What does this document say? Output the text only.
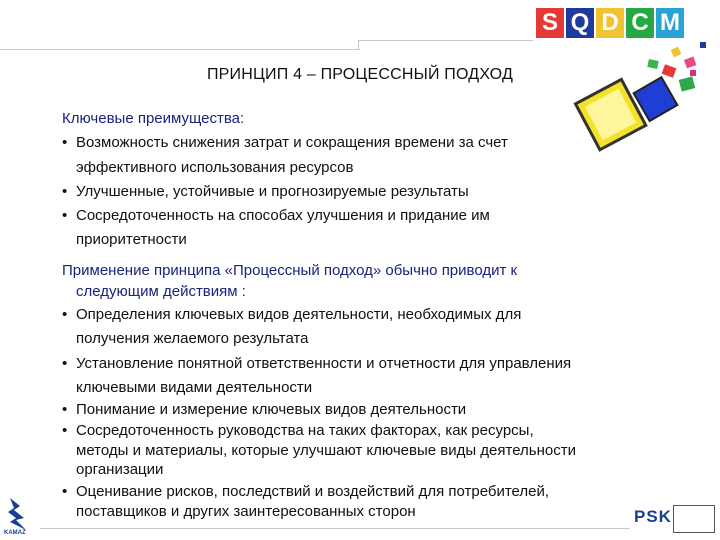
S Q D C M
ПРИНЦИП 4 – ПРОЦЕССНЫЙ ПОДХОД
Ключевые преимущества:
• Возможность снижения затрат и сокращения времени за счет
эффективного использования ресурсов
• Улучшенные, устойчивые и прогнозируемые результаты
• Сосредоточенность на способах улучшения и придание им
приоритетности
Применение принципа «Процессный подход» обычно приводит к
следующим действиям :
• Определения ключевых видов деятельности, необходимых для
получения желаемого результата
• Установление понятной ответственности и отчетности для управления
ключевыми видами деятельности
• Понимание и измерение ключевых видов деятельности
• Сосредоточенность руководства на таких факторах, как ресурсы,
методы и материалы, которые улучшают ключевые виды деятельности
организации
• Оценивание рисков, последствий и воздействий для потребителей,
поставщиков и других заинтересованных сторон
KAMAZ
PSK
